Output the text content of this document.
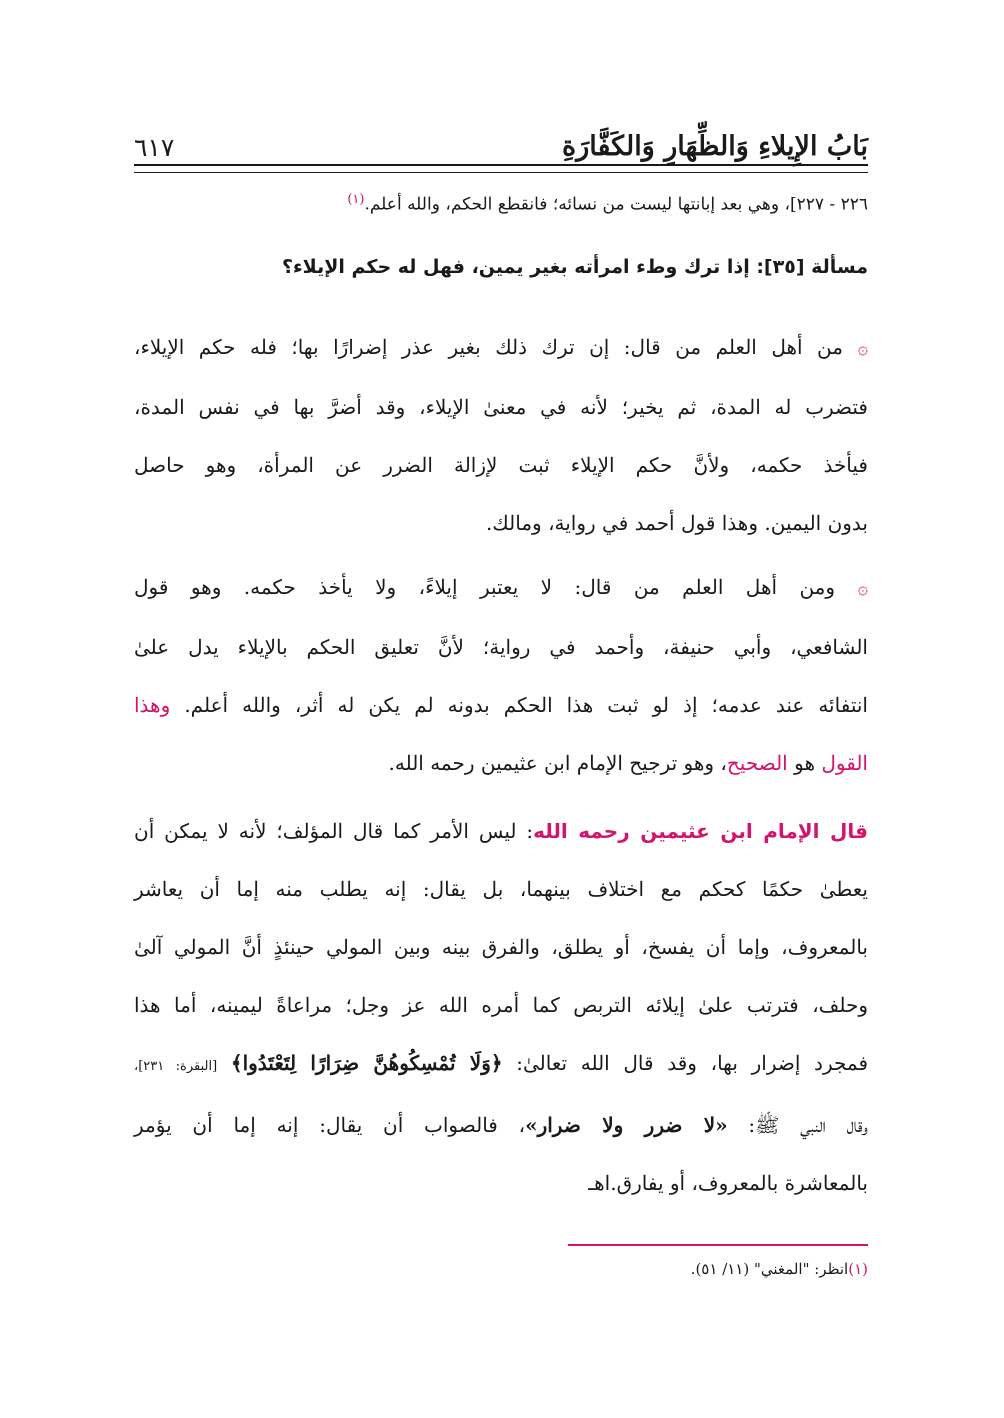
بَابُ الإِيلاءِ وَالظِّهَارِ وَالكَفَّارَةِ
٦١٧
٢٢٦ - ٢٢٧]، وهي بعد إبانتها ليست من نسائه؛ فانقطع الحكم، والله أعلم.$^{(١)}$
مسألة [٣٥]: إذا ترك وطء امرأته بغير يمين، فهل له حكم الإيلاء؟
۞ من أهل العلم من قال: إن ترك ذلك بغير عذر إضرارًا بها؛ فله حكم الإيلاء،
فتضرب له المدة، ثم يخير؛ لأنه في معنىٰ الإيلاء، وقد أضرَّ بها في نفس المدة،
فيأخذ حكمه، ولأنَّ حكم الإيلاء ثبت لإزالة الضرر عن المرأة، وهو حاصل
بدون اليمين. وهذا قول أحمد في رواية، ومالك.
۞ ومن أهل العلم من قال: لا يعتبر إيلاءً، ولا يأخذ حكمه. وهو قول
الشافعي، وأبي حنيفة، وأحمد في رواية؛ لأنَّ تعليق الحكم بالإيلاء يدل علىٰ
انتفائه عند عدمه؛ إذ لو ثبت هذا الحكم بدونه لم يكن له أثر، والله أعلم. وهذا
القول هو الصحيح، وهو ترجيح الإمام ابن عثيمين رحمه الله.
قال الإمام ابن عثيمين رحمه الله: ليس الأمر كما قال المؤلف؛ لأنه لا يمكن أن
يعطىٰ حكمًا كحكم مع اختلاف بينهما، بل يقال: إنه يطلب منه إما أن يعاشر
بالمعروف، وإما أن يفسخ، أو يطلق، والفرق بينه وبين المولي حينئذٍ أنَّ المولي آلىٰ
وحلف، فترتب علىٰ إيلائه التربص كما أمره الله عز وجل؛ مراعاةً ليمينه، أما هذا
فمجرد إضرار بها، وقد قال الله تعالىٰ: ﴿وَلَا تُمْسِكُوهُنَّ ضِرَارًا لِتَعْتَدُوا﴾ [البقرة: ٢٣١]،
وقال النبي ﷺ: «لا ضرر ولا ضرار»، فالصواب أن يقال: إنه إما أن يؤمر
بالمعاشرة بالمعروف، أو يفارق.اهـ
(١)انظر: "المغني" (١١/ ٥١).
